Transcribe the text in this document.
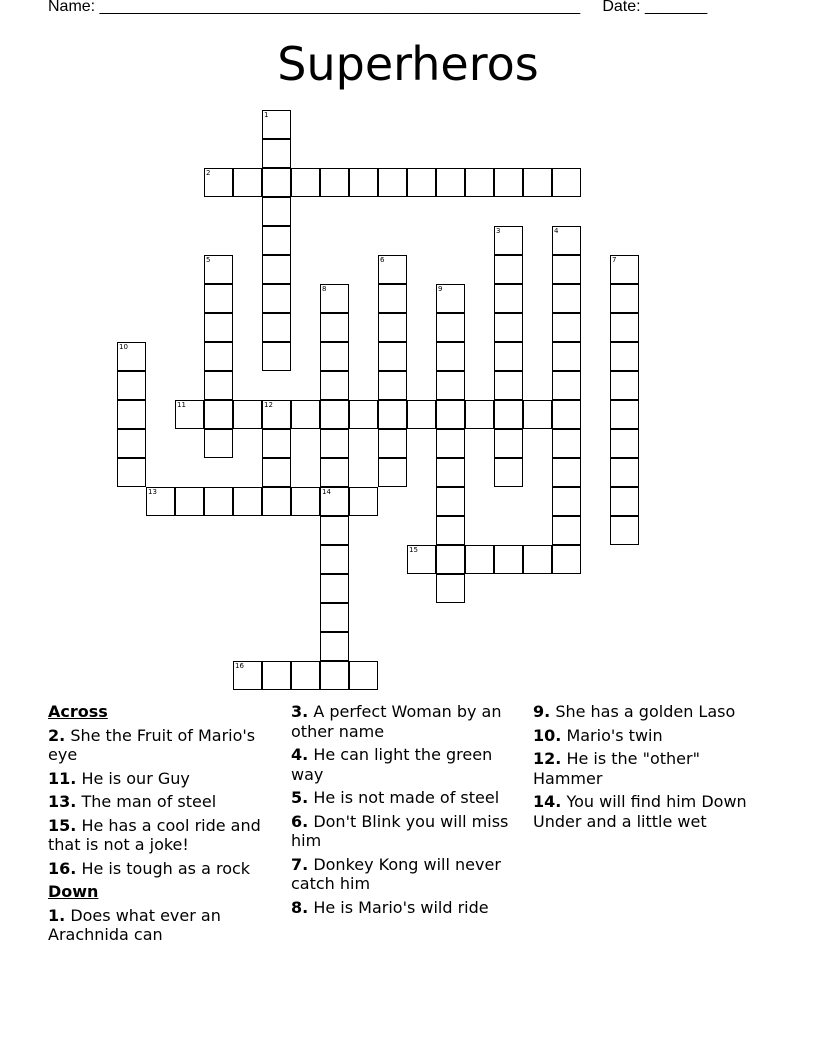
Name: ______________________________________________________ Date: _______
Superheros
1
2
3	4
5	6	7
8	9
10
11	12
13	14
15
16
Across
2. She the Fruit of Mario's eye
11. He is our Guy
13. The man of steel
15. He has a cool ride and that is not a joke!
16. He is tough as a rock
Down
1. Does what ever an Arachnida can
3. A perfect Woman by an other name
4. He can light the green way
5. He is not made of steel
6. Don't Blink you will miss him
7. Donkey Kong will never catch him
8. He is Mario's wild ride
9. She has a golden Laso
10. Mario's twin
12. He is the "other" Hammer
14. You will find him Down Under and a little wet
